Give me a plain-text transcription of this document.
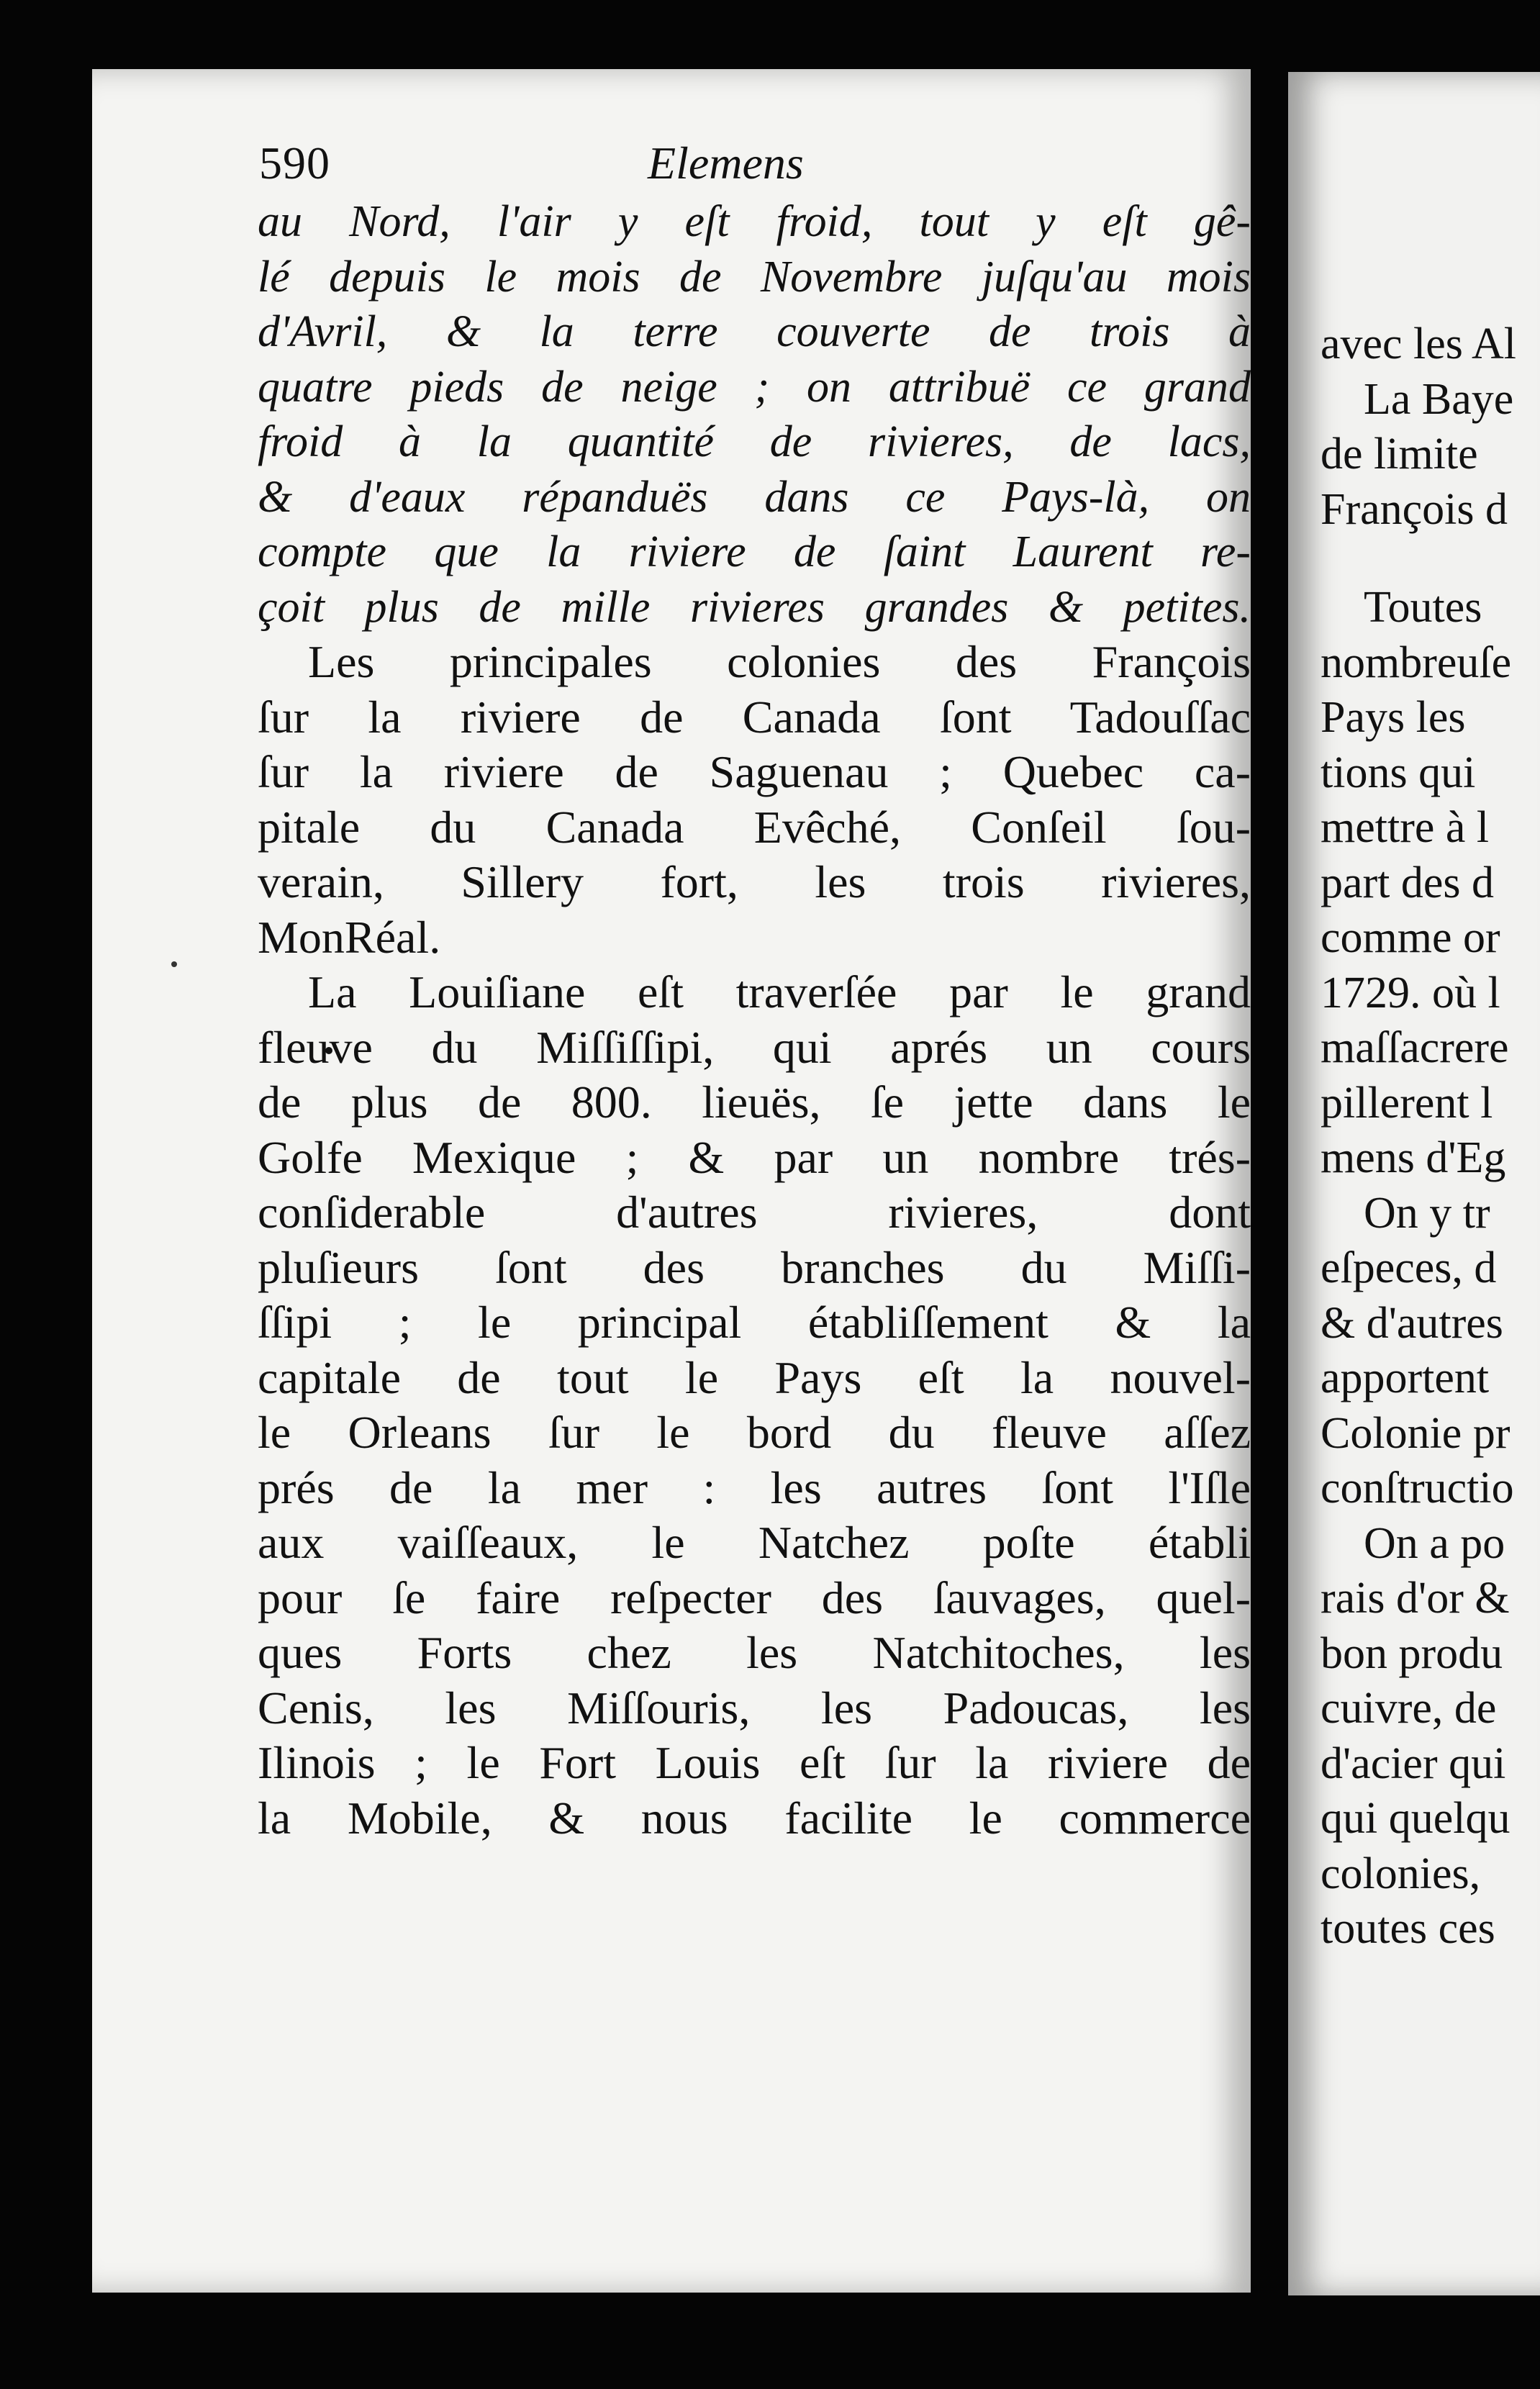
avec les Al
La Baye
de limite
François d
Toutes
nombreuſe
Pays les
tions qui
mettre à l
part des d
comme or
1729. où l
maſſacrere
pillerent l
mens d'Eg
On y tr
eſpeces, d
& d'autres
apportent
Colonie pr
conſtructio
On a po
rais d'or &
bon produ
cuivre, de
d'acier qui
qui quelqu
colonies,
toutes ces
590	Elemens
au Nord, l'air y eſt froid, tout y eſt gê-
lé depuis le mois de Novembre juſqu'au mois
d'Avril, & la terre couverte de trois à
quatre pieds de neige ; on attribuë ce grand
froid à la quantité de rivieres, de lacs,
& d'eaux répanduës dans ce Pays-là, on
compte que la riviere de ſaint Laurent re-
çoit plus de mille rivieres grandes & petites.
Les principales colonies des François
ſur la riviere de Canada ſont Tadouſſac
ſur la riviere de Saguenau ; Quebec ca-
pitale du Canada Evêché, Conſeil ſou-
verain, Sillery fort, les trois rivieres,
MonRéal.
La Louiſiane eſt traverſée par le grand
fleuve du Miſſiſſipi, qui aprés un cours
de plus de 800. lieuës, ſe jette dans le
Golfe Mexique ; & par un nombre trés-
conſiderable d'autres rivieres, dont
pluſieurs ſont des branches du Miſſi-
ſſipi ; le principal établiſſement & la
capitale de tout le Pays eſt la nouvel-
le Orleans ſur le bord du fleuve aſſez
prés de la mer : les autres ſont l'Iſle
aux vaiſſeaux, le Natchez poſte établi
pour ſe faire reſpecter des ſauvages, quel-
ques Forts chez les Natchitoches, les
Cenis, les Miſſouris, les Padoucas, les
Ilinois ; le Fort Louis eſt ſur la riviere de
la Mobile, & nous facilite le commerce
